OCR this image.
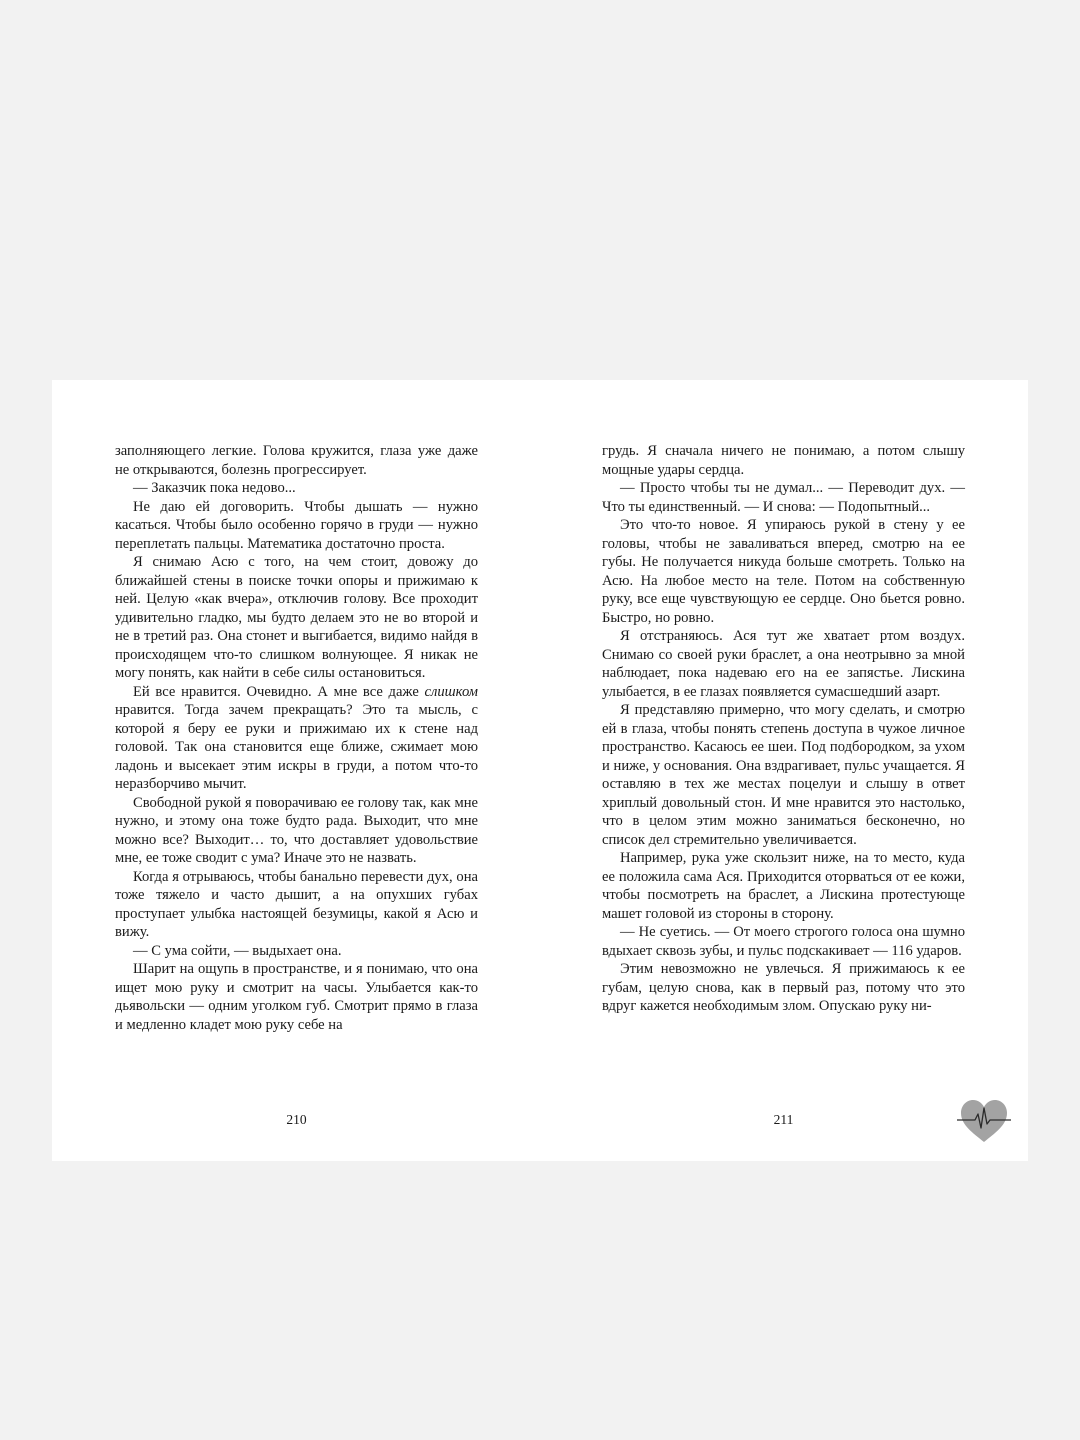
заполняющего легкие. Голова кружится, глаза уже даже не открываются, болезнь прогрессирует.

— Заказчик пока недово...

Не даю ей договорить. Чтобы дышать — нужно касаться. Чтобы было особенно горячо в груди — нужно переплетать пальцы. Математика достаточно проста.

Я снимаю Асю с того, на чем стоит, довожу до ближайшей стены в поиске точки опоры и прижимаю к ней. Целую «как вчера», отключив голову. Все проходит удивительно гладко, мы будто делаем это не во второй и не в третий раз. Она стонет и выгибается, видимо найдя в происходящем что-то слишком волнующее. Я никак не могу понять, как найти в себе силы остановиться.

Ей все нравится. Очевидно. А мне все даже слишком нравится. Тогда зачем прекращать? Это та мысль, с которой я беру ее руки и прижимаю их к стене над головой. Так она становится еще ближе, сжимает мою ладонь и высекает этим искры в груди, а потом что-то неразборчиво мычит.

Свободной рукой я поворачиваю ее голову так, как мне нужно, и этому она тоже будто рада. Выходит, что мне можно все? Выходит… то, что доставляет удовольствие мне, ее тоже сводит с ума? Иначе это не назвать.

Когда я отрываюсь, чтобы банально перевести дух, она тоже тяжело и часто дышит, а на опухших губах проступает улыбка настоящей безумицы, какой я Асю и вижу.

— С ума сойти, — выдыхает она.

Шарит на ощупь в пространстве, и я понимаю, что она ищет мою руку и смотрит на часы. Улыбается как-то дьявольски — одним уголком губ. Смотрит прямо в глаза и медленно кладет мою руку себе на

грудь. Я сначала ничего не понимаю, а потом слышу мощные удары сердца.

— Просто чтобы ты не думал... — Переводит дух. — Что ты единственный. — И снова: — Подопытный...

Это что-то новое. Я упираюсь рукой в стену у ее головы, чтобы не заваливаться вперед, смотрю на ее губы. Не получается никуда больше смотреть. Только на Асю. На любое место на теле. Потом на собственную руку, все еще чувствующую ее сердце. Оно бьется ровно. Быстро, но ровно.

Я отстраняюсь. Ася тут же хватает ртом воздух. Снимаю со своей руки браслет, а она неотрывно за мной наблюдает, пока надеваю его на ее запястье. Лискина улыбается, в ее глазах появляется сумасшедший азарт.

Я представляю примерно, что могу сделать, и смотрю ей в глаза, чтобы понять степень доступа в чужое личное пространство. Касаюсь ее шеи. Под подбородком, за ухом и ниже, у основания. Она вздрагивает, пульс учащается. Я оставляю в тех же местах поцелуи и слышу в ответ хриплый довольный стон. И мне нравится это настолько, что в целом этим можно заниматься бесконечно, но список дел стремительно увеличивается.

Например, рука уже скользит ниже, на то место, куда ее положила сама Ася. Приходится оторваться от ее кожи, чтобы посмотреть на браслет, а Лискина протестующе машет головой из стороны в сторону.

— Не суетись. — От моего строгого голоса она шумно вдыхает сквозь зубы, и пульс подскакивает — 116 ударов.

Этим невозможно не увлечься. Я прижимаюсь к ее губам, целую снова, как в первый раз, потому что это вдруг кажется необходимым злом. Опускаю руку ни-

210	211
